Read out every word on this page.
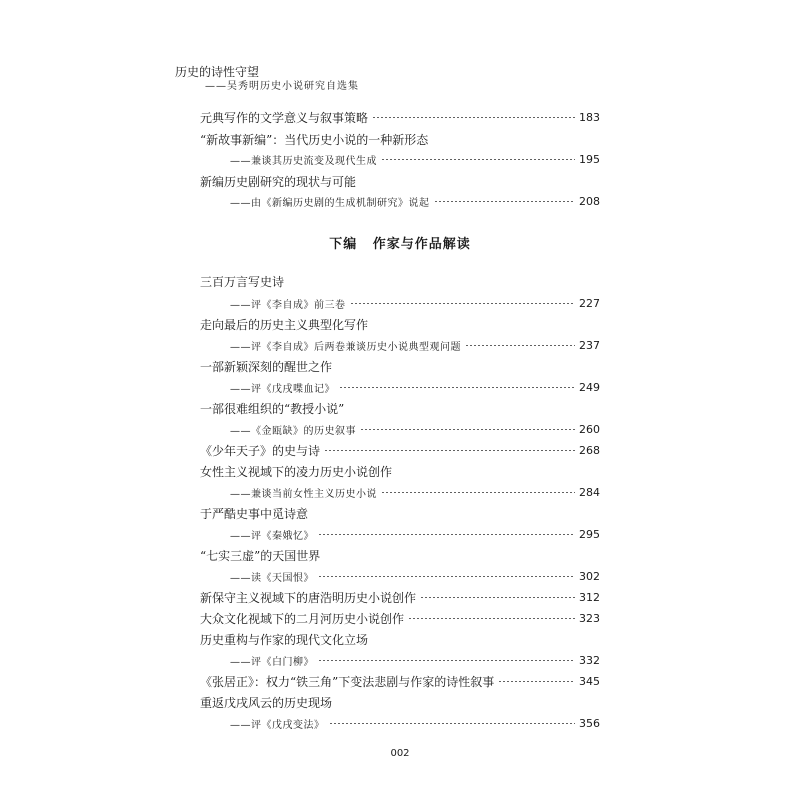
历史的诗性守望
——吴秀明历史小说研究自选集
元典写作的文学意义与叙事策略	183
“新故事新编”：当代历史小说的一种新形态
——兼谈其历史流变及现代生成	195
新编历史剧研究的现状与可能
——由《新编历史剧的生成机制研究》说起	208
下编 作家与作品解读
三百万言写史诗
——评《李自成》前三卷	227
走向最后的历史主义典型化写作
——评《李自成》后两卷兼谈历史小说典型观问题	237
一部新颖深刻的醒世之作
——评《戊戌喋血记》	249
一部很难组织的“教授小说”
——《金瓯缺》的历史叙事	260
《少年天子》的史与诗	268
女性主义视域下的凌力历史小说创作
——兼谈当前女性主义历史小说	284
于严酷史事中觅诗意
——评《秦娥忆》	295
“七实三虚”的天国世界
——读《天国恨》	302
新保守主义视域下的唐浩明历史小说创作	312
大众文化视域下的二月河历史小说创作	323
历史重构与作家的现代文化立场
——评《白门柳》	332
《张居正》：权力“铁三角”下变法悲剧与作家的诗性叙事	345
重返戊戌风云的历史现场
——评《戊戌变法》	356
002
